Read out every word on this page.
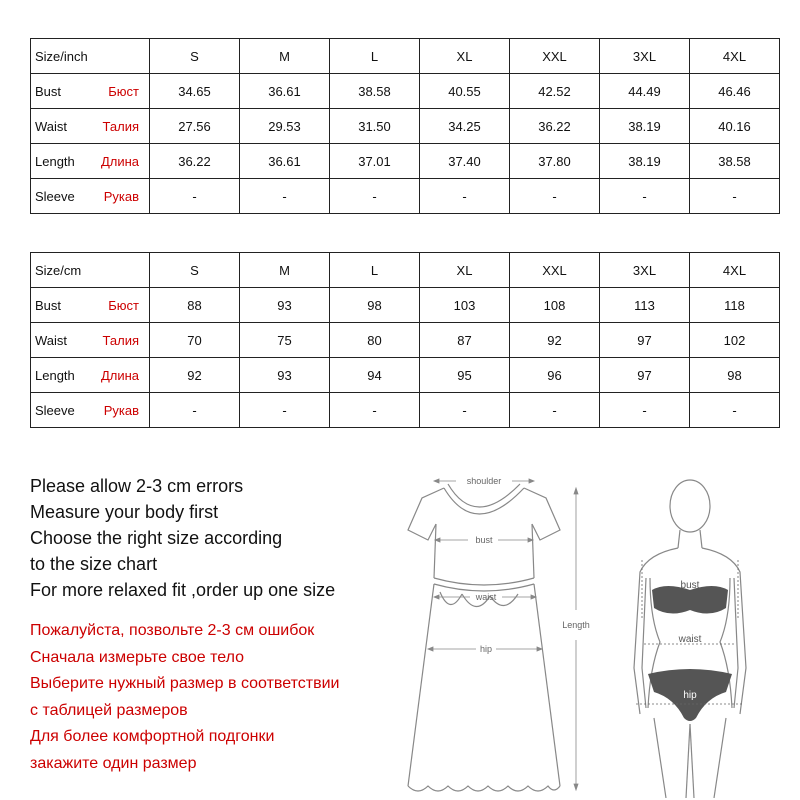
Size/inch	S	M	L	XL	XXL	3XL	4XL
Bust Бюст	34.65	36.61	38.58	40.55	42.52	44.49	46.46
Waist Талия	27.56	29.53	31.50	34.25	36.22	38.19	40.16
Length Длина	36.22	36.61	37.01	37.40	37.80	38.19	38.58
Sleeve Рукав	-	-	-	-	-	-	-
Size/cm	S	M	L	XL	XXL	3XL	4XL
Bust Бюст	88	93	98	103	108	113	118
Waist Талия	70	75	80	87	92	97	102
Length Длина	92	93	94	95	96	97	98
Sleeve Рукав	-	-	-	-	-	-	-
Please allow 2-3 cm errors
Measure your body first
Choose the right size according
to the size chart
For more relaxed fit ,order up one size
Пожалуйста, позвольте 2-3 см ошибок
Сначала измерьте свое тело
Выберите нужный размер в соответствии
с таблицей размеров
Для более комфортной подгонки
закажите один размер
shoulder
bust
waist
hip
Length
bust
waist
hip
